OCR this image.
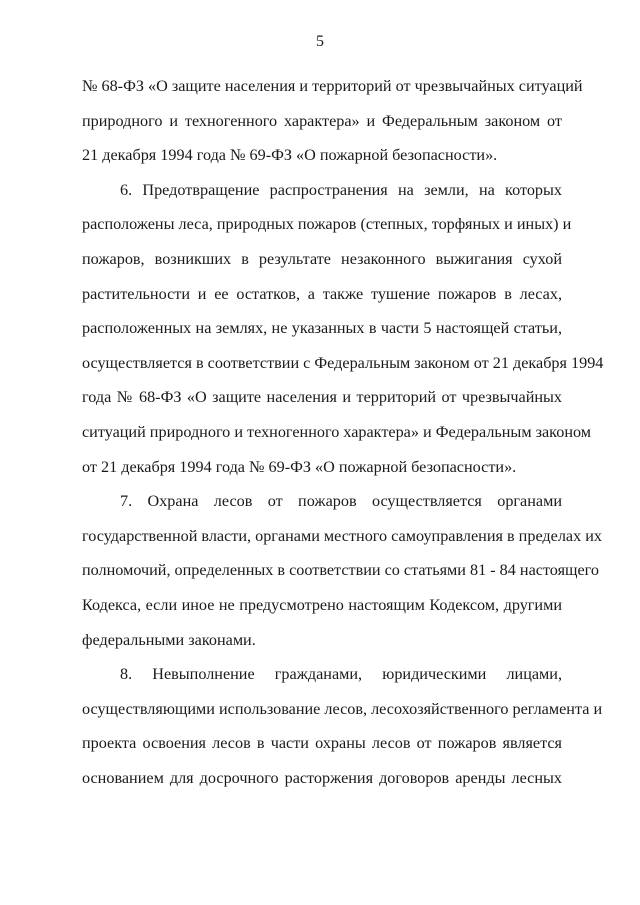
5
№ 68-ФЗ «О защите населения и территорий от чрезвычайных ситуаций
природного и техногенного характера» и Федеральным законом от
21 декабря 1994 года № 69-ФЗ «О пожарной безопасности».
6. Предотвращение распространения на земли, на которых
расположены леса, природных пожаров (степных, торфяных и иных) и
пожаров, возникших в результате незаконного выжигания сухой
растительности и ее остатков, а также тушение пожаров в лесах,
расположенных на землях, не указанных в части 5 настоящей статьи,
осуществляется в соответствии с Федеральным законом от 21 декабря 1994
года № 68-ФЗ «О защите населения и территорий от чрезвычайных
ситуаций природного и техногенного характера» и Федеральным законом
от 21 декабря 1994 года № 69-ФЗ «О пожарной безопасности».
7. Охрана лесов от пожаров осуществляется органами
государственной власти, органами местного самоуправления в пределах их
полномочий, определенных в соответствии со статьями 81 - 84 настоящего
Кодекса, если иное не предусмотрено настоящим Кодексом, другими
федеральными законами.
8. Невыполнение гражданами, юридическими лицами,
осуществляющими использование лесов, лесохозяйственного регламента и
проекта освоения лесов в части охраны лесов от пожаров является
основанием для досрочного расторжения договоров аренды лесных
